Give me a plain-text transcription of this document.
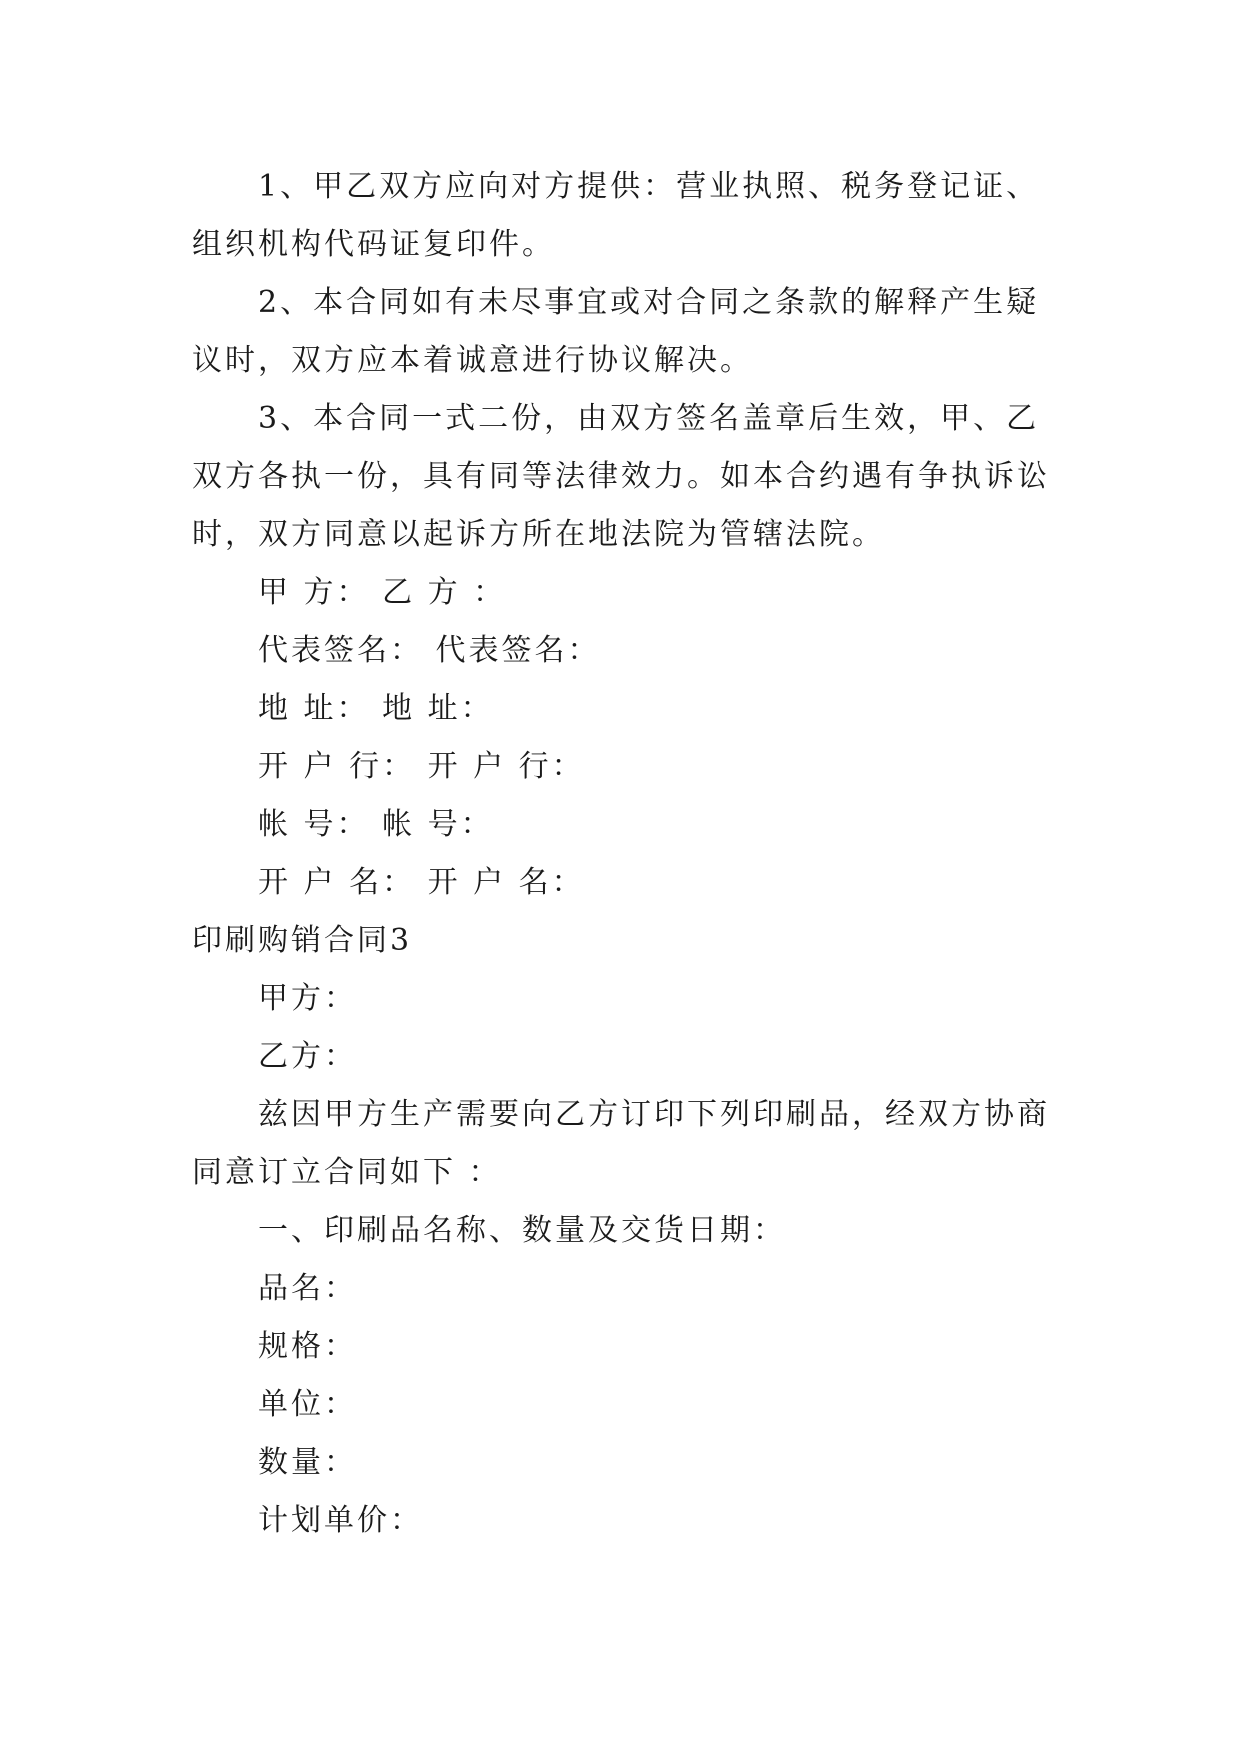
1、甲乙双方应向对方提供：营业执照、税务登记证、

组织机构代码证复印件。

2、本合同如有未尽事宜或对合同之条款的解释产生疑

议时，双方应本着诚意进行协议解决。

3、本合同一式二份，由双方签名盖章后生效，甲、乙

双方各执一份，具有同等法律效力。如本合约遇有争执诉讼

时，双方同意以起诉方所在地法院为管辖法院。

甲 方： 乙 方 ：

代表签名： 代表签名：

地 址： 地 址：

开 户 行： 开 户 行：

帐 号： 帐 号：

开 户 名： 开 户 名：

印刷购销合同3

甲方：

乙方：

兹因甲方生产需要向乙方订印下列印刷品，经双方协商

同意订立合同如下 ：

一、印刷品名称、数量及交货日期：

品名：

规格：

单位：

数量：

计划单价：
